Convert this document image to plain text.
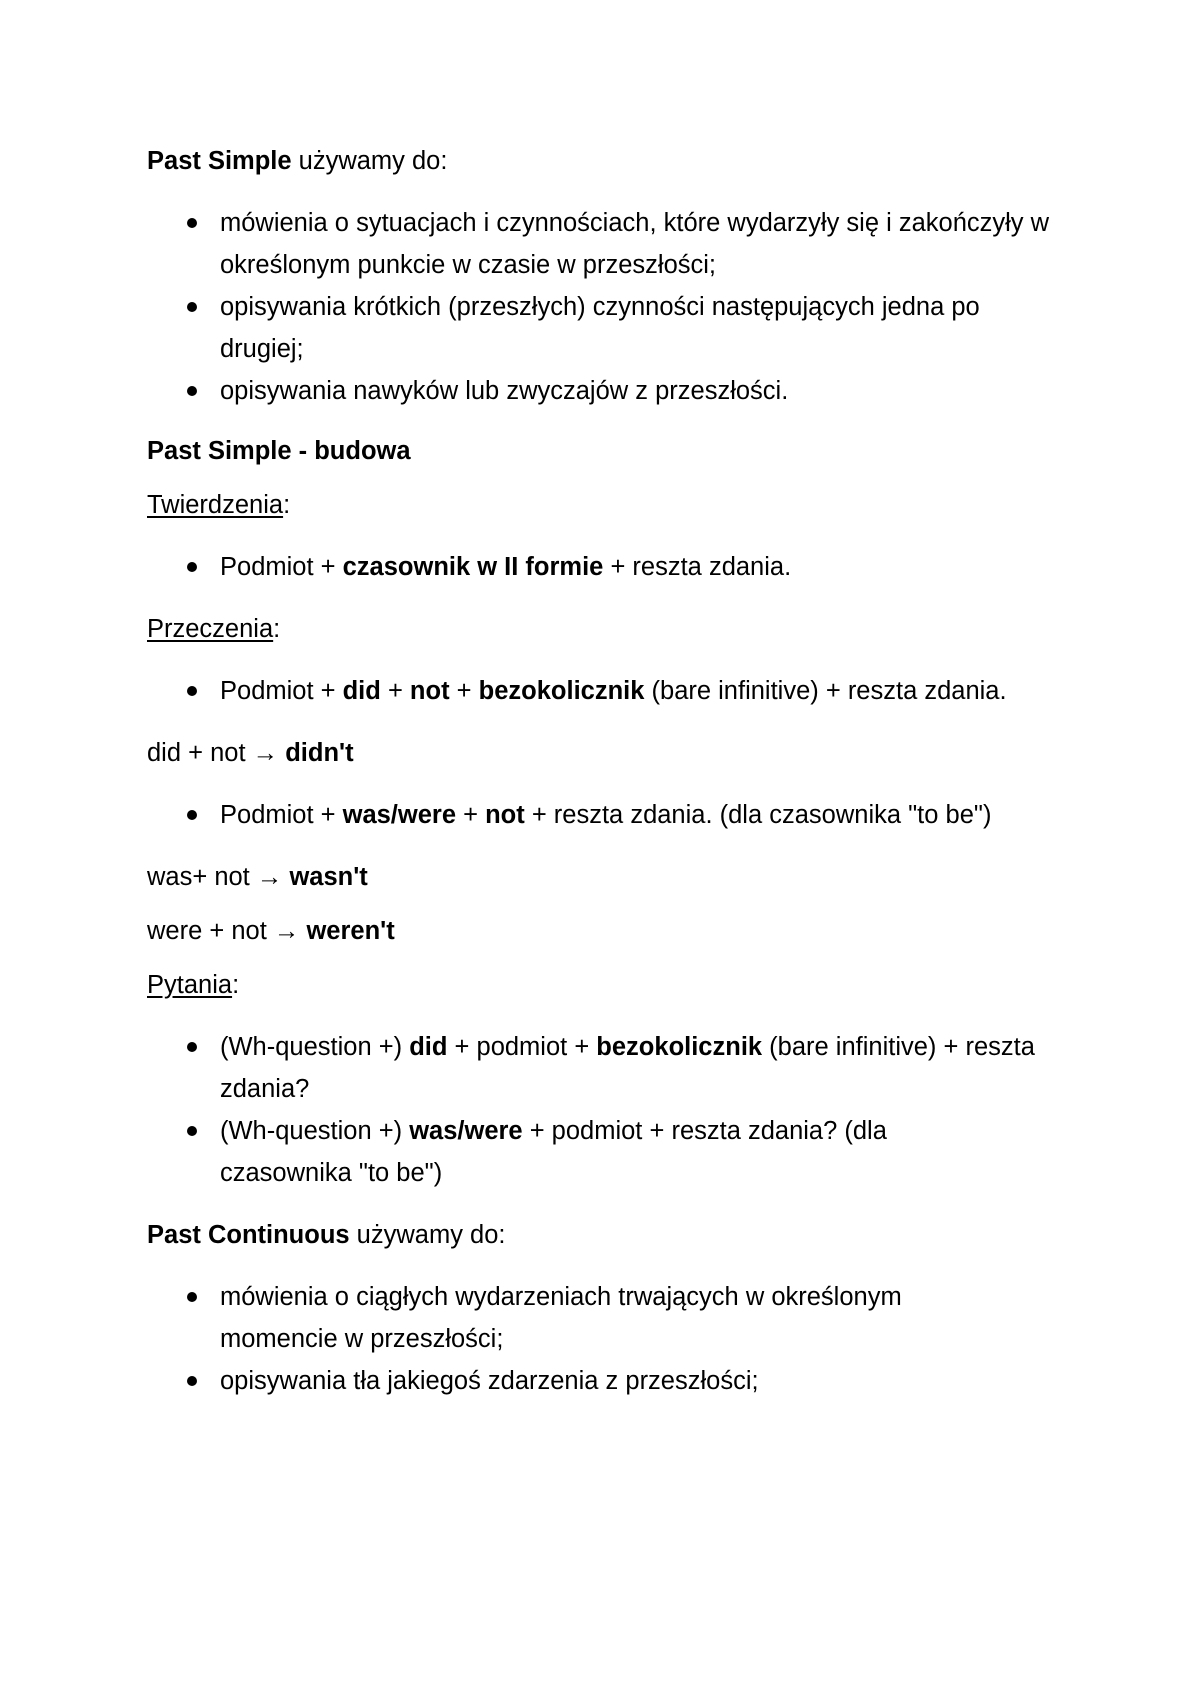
Past Simple używamy do:
mówienia o sytuacjach i czynnościach, które wydarzyły się i zakończyły w określonym punkcie w czasie w przeszłości;
opisywania krótkich (przeszłych) czynności następujących jedna po drugiej;
opisywania nawyków lub zwyczajów z przeszłości.
Past Simple - budowa
Twierdzenia:
Podmiot + czasownik w II formie + reszta zdania.
Przeczenia:
Podmiot + did + not + bezokolicznik (bare infinitive) + reszta zdania.
did + not → didn't
Podmiot + was/were + not + reszta zdania. (dla czasownika "to be")
was+ not → wasn't
were + not → weren't
Pytania:
(Wh-question +) did + podmiot + bezokolicznik (bare infinitive) + reszta zdania?
(Wh-question +) was/were + podmiot + reszta zdania? (dla czasownika "to be")
Past Continuous używamy do:
mówienia o ciągłych wydarzeniach trwających w określonym momencie w przeszłości;
opisywania tła jakiegoś zdarzenia z przeszłości;
